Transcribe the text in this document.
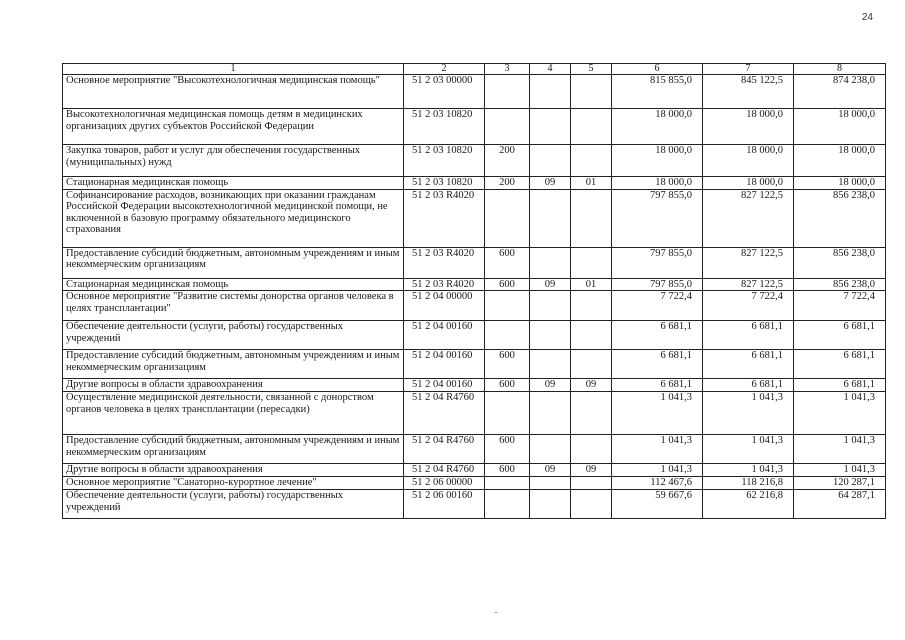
24
1	2	3	4	5	6	7	8
Основное мероприятие "Высокотехнологичная медицинская помощь"	51 2 03 00000				815 855,0	845 122,5	874 238,0
Высокотехнологичная медицинская помощь детям в медицинских организациях других субъектов Российской Федерации	51 2 03 10820				18 000,0	18 000,0	18 000,0
Закупка товаров, работ и услуг для обеспечения государственных (муниципальных) нужд	51 2 03 10820	200			18 000,0	18 000,0	18 000,0
Стационарная медицинская помощь	51 2 03 10820	200	09	01	18 000,0	18 000,0	18 000,0
Софинансирование расходов, возникающих при оказании гражданам Российской Федерации высокотехнологичной медицинской помощи, не включенной в базовую программу обязательного медицинского страхования	51 2 03 R4020				797 855,0	827 122,5	856 238,0
Предоставление субсидий бюджетным, автономным учреждениям и иным некоммерческим организациям	51 2 03 R4020	600			797 855,0	827 122,5	856 238,0
Стационарная медицинская помощь	51 2 03 R4020	600	09	01	797 855,0	827 122,5	856 238,0
Основное мероприятие "Развитие системы донорства органов человека в целях трансплантации"	51 2 04 00000				7 722,4	7 722,4	7 722,4
Обеспечение деятельности (услуги, работы) государственных учреждений	51 2 04 00160				6 681,1	6 681,1	6 681,1
Предоставление субсидий бюджетным, автономным учреждениям и иным некоммерческим организациям	51 2 04 00160	600			6 681,1	6 681,1	6 681,1
Другие вопросы в области здравоохранения	51 2 04 00160	600	09	09	6 681,1	6 681,1	6 681,1
Осуществление медицинской деятельности, связанной с донорством органов человека в целях трансплантации (пересадки)	51 2 04 R4760				1 041,3	1 041,3	1 041,3
Предоставление субсидий бюджетным, автономным учреждениям и иным некоммерческим организациям	51 2 04 R4760	600			1 041,3	1 041,3	1 041,3
Другие вопросы в области здравоохранения	51 2 04 R4760	600	09	09	1 041,3	1 041,3	1 041,3
Основное мероприятие "Санаторно-курортное лечение"	51 2 06 00000				112 467,6	118 216,8	120 287,1
Обеспечение деятельности (услуги, работы) государственных учреждений	51 2 06 00160				59 667,6	62 216,8	64 287,1
